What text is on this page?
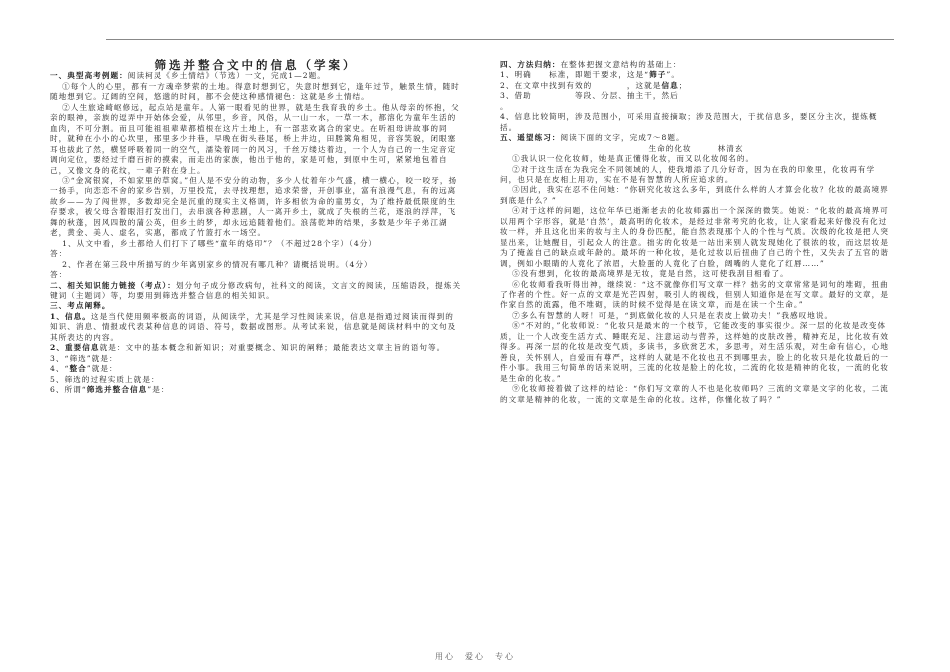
筛选并整合文中的信息（学案）

一、典型高考例题：阅读柯灵《乡土情结》（节选）一文，完成1—2题。

①每个人的心里，都有一方魂牵梦萦的土地。得意时想到它，失意时想到它，逢年过节，触景生情，随时随地想到它。辽阔的空间，悠邈的时间，都不会使这种感情褪色：这就是乡土情结。

②人生旅途崎岖修远，起点站是童年。人第一眼看见的世界，就是生我育我的乡土。他从母亲的怀抱，父亲的眼神，亲族的逗弄中开始体会爱，从邻里，乡音，风俗，从一山一水，一草一木，都溶化为童年生活的血肉，不可分割。而且可能祖祖辈辈都植根在这片土地上，有一部悲欢离合的家史。在听祖母讲故事的同时，就种在小小的心坎里，那里多少井巷，早晚在街头巷尾，桥上井边，田塍篱角相见，音容笑貌，闭眼塞耳也拔此了然，横竖呼吸着同一的空气，濡染着同一的风习，千丝万缕达着边，一个人为自己的一生定音定调向定位，要经过千磨百折的摸索，而走出的家族，他出于他的，家是可他，到原中生可，紧紧地包着自己，又像文身的花纹，一辈子附在身上。

③“金窝银窝，不如家里的草窝。”但人是不安分的动物，多少人仗着年少气盛，横一横心，咬一咬牙，扬一扬手，向恋恋不舍的家乡告别，万里投荒，去寻找理想，追求荣誉，开创事业，富有浪漫气息，有的远离故乡——为了闯世界，多数却完全是沉重的现实主义格调，许多相依为命的童男女，为了维持最低限度的生存要求，被父母含着眼泪打发出门，去串演各种悲剧，人一离开乡土，就成了失根的兰花，逐浪的浮萍，飞舞的秋蓬，因风四散的蒲公英，但乡土的梦，却永远追随着他们。浪荡乾坤的结果，多数是少年子弟江湖老，黄金、美人、虚名，实惠，都成了竹篮打水一场空。

1、从文中看，乡土都给人们打下了哪些“童年的烙印”？（不超过28个字）（4分）

答：

2、作者在第三段中所描写的少年离别家乡的情况有哪几种？请概括说明。（4分）

答：

二、相关知识能力链接（考点）：划分句子成分修改病句，社科文的阅读，文言文的阅读，压缩语段，提炼关键词（主题词）等，均要用到筛选并整合信息的相关知识。

三、考点阐释。

1、信息。这是当代使用频率极高的词语，从阅读学，尤其是学习性阅读来说，信息是指通过阅读而得到的知识、消息、情报或代表某种信息的词语、符号，数据或图形。从考试来说，信息就是阅读材料中的文句及其所表达的内容。

2、重要信息就是：文中的基本概念和新知识；对重要概念、知识的阐释；最能表达文章主旨的语句等。

3、“筛选”就是：

4、“整合”就是：

5、筛选的过程实质上就是：

6、所谓“筛选并整合信息”是：

四、方法归纳：在整体把握文意结构的基础上：

1、明确　　标准，即题干要求，这是“筛子”。

2、在文章中找到有效的　　　　，这就是信息；

3、借助　　　　　等段、分层、抽主干，然后

。

4、信息比较简明，涉及范围小，可采用直接摘取；涉及范围大，于扰信息多，要区分主次，提炼概括。

五、遥望练习：阅读下面的文字，完成7～8题。

生命的化妆　　　林清玄

①我认识一位化妆师，她是真正懂得化妆，而又以化妆闻名的。

②对于这生活在为我完全不同领域的人，使我增添了几分好奇，因为在我的印象里，化妆再有学问，也只是在皮相上用功，实在不是有智慧的人所应追求的。

③因此，我实在忍不住问她：“你研究化妆这么多年，到底什么样的人才算会化妆？化妆的最高境界到底是什么？”

④对于这样的问题，这位年华已逝渐老去的化妆师露出一个深深的微笑。她说：“化妆的最高境界可以用两个字形容，就是‘自然’，最高明的化妆术，是经过非常考究的化妆，让人家看起来好像没有化过妆一样，并且这化出来的妆与主人的身份匹配，能自然表现那个人的个性与气质。次级的化妆是把人突显出来，让她醒目，引起众人的注意。拙劣的化妆是一站出来别人就发现她化了很浓的妆，而这层妆是为了掩盖自己的缺点或年龄的。最坏的一种化妆，是化过妆以后扭曲了自己的个性，又失去了五官的谐调，例如小眼睛的人竟化了浓眉，大脸蛋的人竟化了白脸，阔嘴的人竟化了红唇……”

⑤没有想到，化妆的最高境界是无妆，竟是自然，这可使我刮目相看了。

⑥化妆师看我听得出神，继续说：“这不就像你们写文章一样？拙劣的文章常常是词句的堆砌，扭曲了作者的个性。好一点的文章是光芒四射，吸引人的视线，但别人知道你是在写文章。最好的文章，是作家自然的流露，他不堆砌，读的时候不觉得是在读文章，而是在读一个生命。”

⑦多么有智慧的人呀！可是，“到底做化妆的人只是在表皮上做功夫！”我感叹地说。

⑧“不对的，”化妆师说：“化妆只是最末的一个枝节，它能改变的事实很少。深一层的化妆是改变体质，让一个人改变生活方式、睡眠充足、注意运动与营养，这样她的皮肤改善，精神充足，比化妆有效得多。再深一层的化妆是改变气质，多读书，多欣赏艺术，多思考，对生活乐观，对生命有信心，心地善良，关怀别人，自爱而有尊严，这样的人就是不化妆也丑不到哪里去，脸上的化妆只是化妆最后的一件小事。我用三句简单的话来说明，三流的化妆是脸上的化妆，二流的化妆是精神的化妆，一流的化妆是生命的化妆。”

⑨化妆师接着做了这样的结论：“你们写文章的人不也是化妆师吗？三流的文章是文字的化妆，二流的文章是精神的化妆，一流的文章是生命的化妆。这样，你懂化妆了吗？”

用心　爱心　专心
